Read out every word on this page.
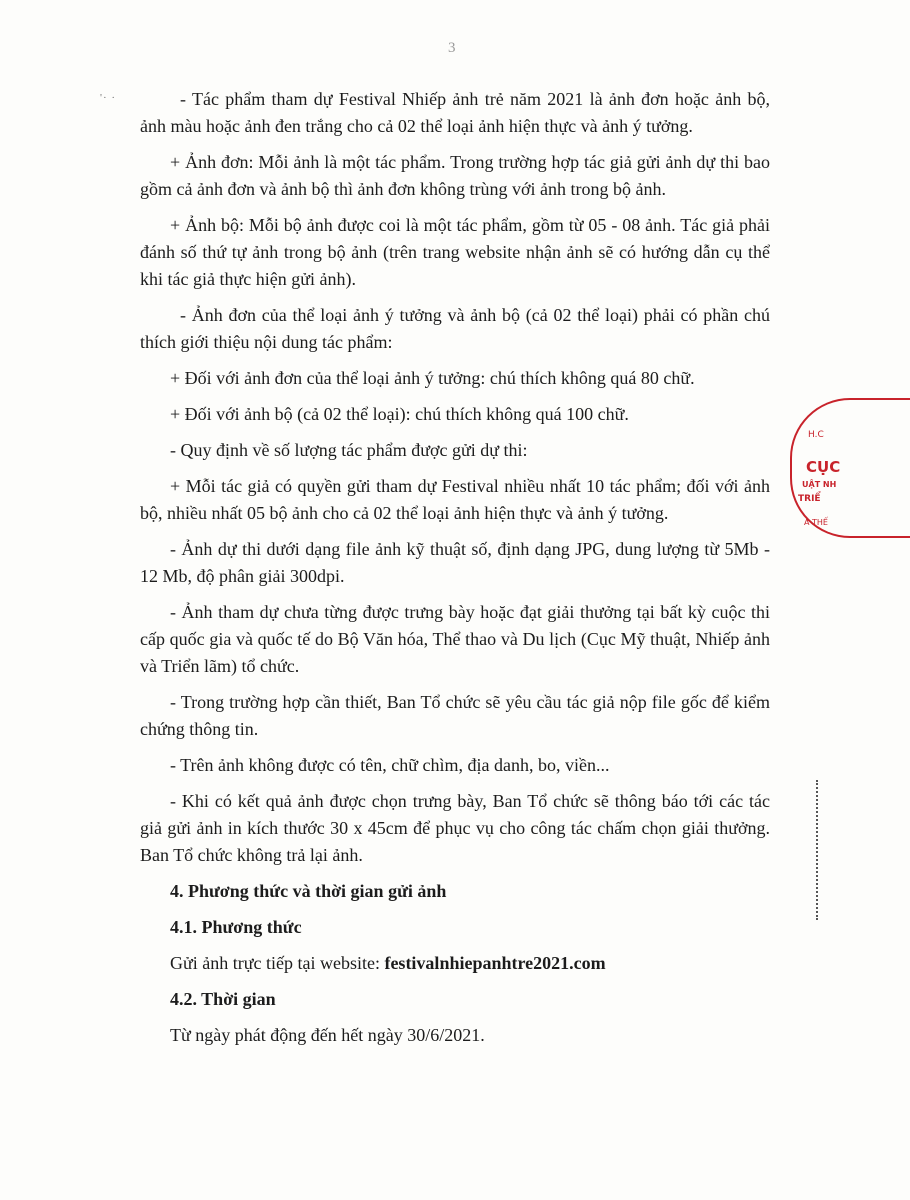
3
'· ·	- Tác phẩm tham dự Festival Nhiếp ảnh trẻ năm 2021 là ảnh đơn hoặc ảnh bộ, ảnh màu hoặc ảnh đen trắng cho cả 02 thể loại ảnh hiện thực và ảnh ý tưởng.

+ Ảnh đơn: Mỗi ảnh là một tác phẩm. Trong trường hợp tác giả gửi ảnh dự thi bao gồm cả ảnh đơn và ảnh bộ thì ảnh đơn không trùng với ảnh trong bộ ảnh.

+ Ảnh bộ: Mỗi bộ ảnh được coi là một tác phẩm, gồm từ 05 - 08 ảnh. Tác giả phải đánh số thứ tự ảnh trong bộ ảnh (trên trang website nhận ảnh sẽ có hướng dẫn cụ thể khi tác giả thực hiện gửi ảnh).

- Ảnh đơn của thể loại ảnh ý tưởng và ảnh bộ (cả 02 thể loại) phải có phần chú thích giới thiệu nội dung tác phẩm:

+ Đối với ảnh đơn của thể loại ảnh ý tưởng: chú thích không quá 80 chữ.

+ Đối với ảnh bộ (cả 02 thể loại): chú thích không quá 100 chữ.

- Quy định về số lượng tác phẩm được gửi dự thi:

+ Mỗi tác giả có quyền gửi tham dự Festival nhiều nhất 10 tác phẩm; đối với ảnh bộ, nhiều nhất 05 bộ ảnh cho cả 02 thể loại ảnh hiện thực và ảnh ý tưởng.

- Ảnh dự thi dưới dạng file ảnh kỹ thuật số, định dạng JPG, dung lượng từ 5Mb - 12 Mb, độ phân giải 300dpi.

- Ảnh tham dự chưa từng được trưng bày hoặc đạt giải thưởng tại bất kỳ cuộc thi cấp quốc gia và quốc tế do Bộ Văn hóa, Thể thao và Du lịch (Cục Mỹ thuật, Nhiếp ảnh và Triển lãm) tổ chức.

- Trong trường hợp cần thiết, Ban Tổ chức sẽ yêu cầu tác giả nộp file gốc để kiểm chứng thông tin.

- Trên ảnh không được có tên, chữ chìm, địa danh, bo, viền...

- Khi có kết quả ảnh được chọn trưng bày, Ban Tổ chức sẽ thông báo tới các tác giả gửi ảnh in kích thước 30 x 45cm để phục vụ cho công tác chấm chọn giải thưởng. Ban Tổ chức không trả lại ảnh.

4. Phương thức và thời gian gửi ảnh

4.1. Phương thức

Gửi ảnh trực tiếp tại website: festivalnhiepanhtre2021.com

4.2. Thời gian

Từ ngày phát động đến hết ngày 30/6/2021.

H.C
CỤC
UẬT NH
TRIỂ
A THẾ
